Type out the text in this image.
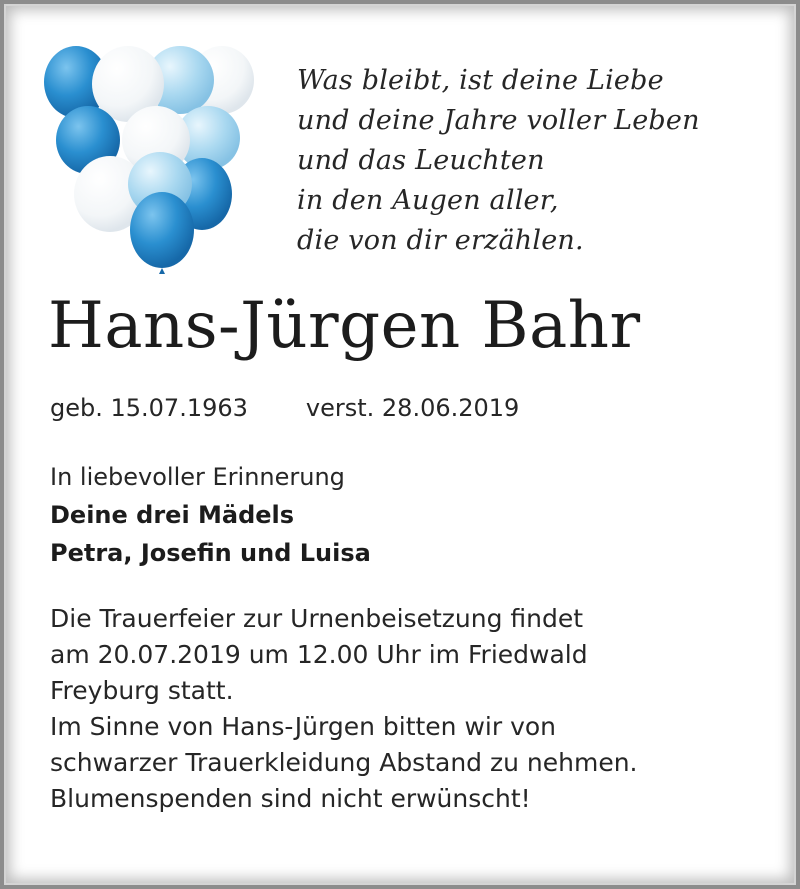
Was bleibt, ist deine Liebe
und deine Jahre voller Leben
und das Leuchten
in den Augen aller,
die von dir erzählen.
Hans-Jürgen Bahr
geb. 15.07.1963 verst. 28.06.2019
In liebevoller Erinnerung
Deine drei Mädels
Petra, Josefin und Luisa
Die Trauerfeier zur Urnenbeisetzung findet
am 20.07.2019 um 12.00 Uhr im Friedwald
Freyburg statt.
Im Sinne von Hans-Jürgen bitten wir von
schwarzer Trauerkleidung Abstand zu nehmen.
Blumenspenden sind nicht erwünscht!
